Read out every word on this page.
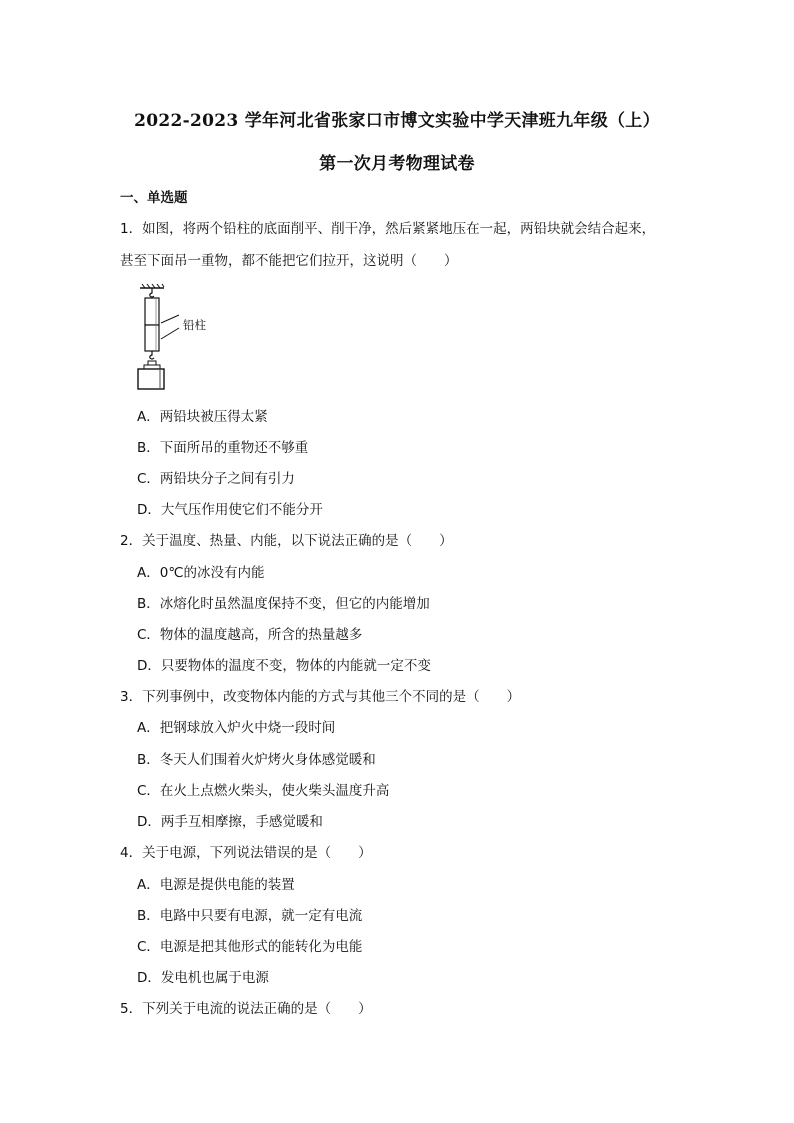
2022-2023 学年河北省张家口市博文实验中学天津班九年级（上）
第一次月考物理试卷
一、单选题
1．如图，将两个铅柱的底面削平、削干净，然后紧紧地压在一起，两铅块就会结合起来，
甚至下面吊一重物，都不能把它们拉开，这说明（　　）
铅柱
A．两铅块被压得太紧
B．下面所吊的重物还不够重
C．两铅块分子之间有引力
D．大气压作用使它们不能分开
2．关于温度、热量、内能，以下说法正确的是（　　）
A．0℃的冰没有内能
B．冰熔化时虽然温度保持不变，但它的内能增加
C．物体的温度越高，所含的热量越多
D．只要物体的温度不变，物体的内能就一定不变
3．下列事例中，改变物体内能的方式与其他三个不同的是（　　）
A．把钢球放入炉火中烧一段时间
B．冬天人们围着火炉烤火身体感觉暖和
C．在火上点燃火柴头，使火柴头温度升高
D．两手互相摩擦，手感觉暖和
4．关于电源，下列说法错误的是（　　）
A．电源是提供电能的装置
B．电路中只要有电源，就一定有电流
C．电源是把其他形式的能转化为电能
D．发电机也属于电源
5．下列关于电流的说法正确的是（　　）
